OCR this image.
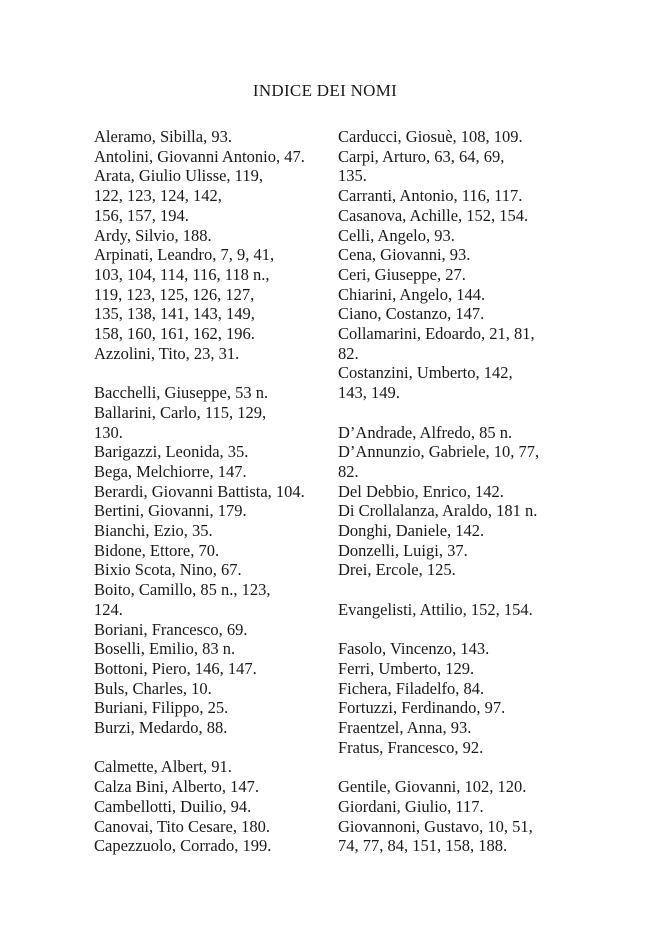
INDICE DEI NOMI
Aleramo, Sibilla, 93.
Antolini, Giovanni Antonio, 47.
Arata, Giulio Ulisse, 119,
122, 123, 124, 142,
156, 157, 194.
Ardy, Silvio, 188.
Arpinati, Leandro, 7, 9, 41,
103, 104, 114, 116, 118 n.,
119, 123, 125, 126, 127,
135, 138, 141, 143, 149,
158, 160, 161, 162, 196.
Azzolini, Tito, 23, 31.
Bacchelli, Giuseppe, 53 n.
Ballarini, Carlo, 115, 129,
130.
Barigazzi, Leonida, 35.
Bega, Melchiorre, 147.
Berardi, Giovanni Battista, 104.
Bertini, Giovanni, 179.
Bianchi, Ezio, 35.
Bidone, Ettore, 70.
Bixio Scota, Nino, 67.
Boito, Camillo, 85 n., 123,
124.
Boriani, Francesco, 69.
Boselli, Emilio, 83 n.
Bottoni, Piero, 146, 147.
Buls, Charles, 10.
Buriani, Filippo, 25.
Burzi, Medardo, 88.
Calmette, Albert, 91.
Calza Bini, Alberto, 147.
Cambellotti, Duilio, 94.
Canovai, Tito Cesare, 180.
Capezzuolo, Corrado, 199.
Carducci, Giosuè, 108, 109.
Carpi, Arturo, 63, 64, 69,
135.
Carranti, Antonio, 116, 117.
Casanova, Achille, 152, 154.
Celli, Angelo, 93.
Cena, Giovanni, 93.
Ceri, Giuseppe, 27.
Chiarini, Angelo, 144.
Ciano, Costanzo, 147.
Collamarini, Edoardo, 21, 81,
82.
Costanzini, Umberto, 142,
143, 149.
D’Andrade, Alfredo, 85 n.
D’Annunzio, Gabriele, 10, 77,
82.
Del Debbio, Enrico, 142.
Di Crollalanza, Araldo, 181 n.
Donghi, Daniele, 142.
Donzelli, Luigi, 37.
Drei, Ercole, 125.
Evangelisti, Attilio, 152, 154.
Fasolo, Vincenzo, 143.
Ferri, Umberto, 129.
Fichera, Filadelfo, 84.
Fortuzzi, Ferdinando, 97.
Fraentzel, Anna, 93.
Fratus, Francesco, 92.
Gentile, Giovanni, 102, 120.
Giordani, Giulio, 117.
Giovannoni, Gustavo, 10, 51,
74, 77, 84, 151, 158, 188.
